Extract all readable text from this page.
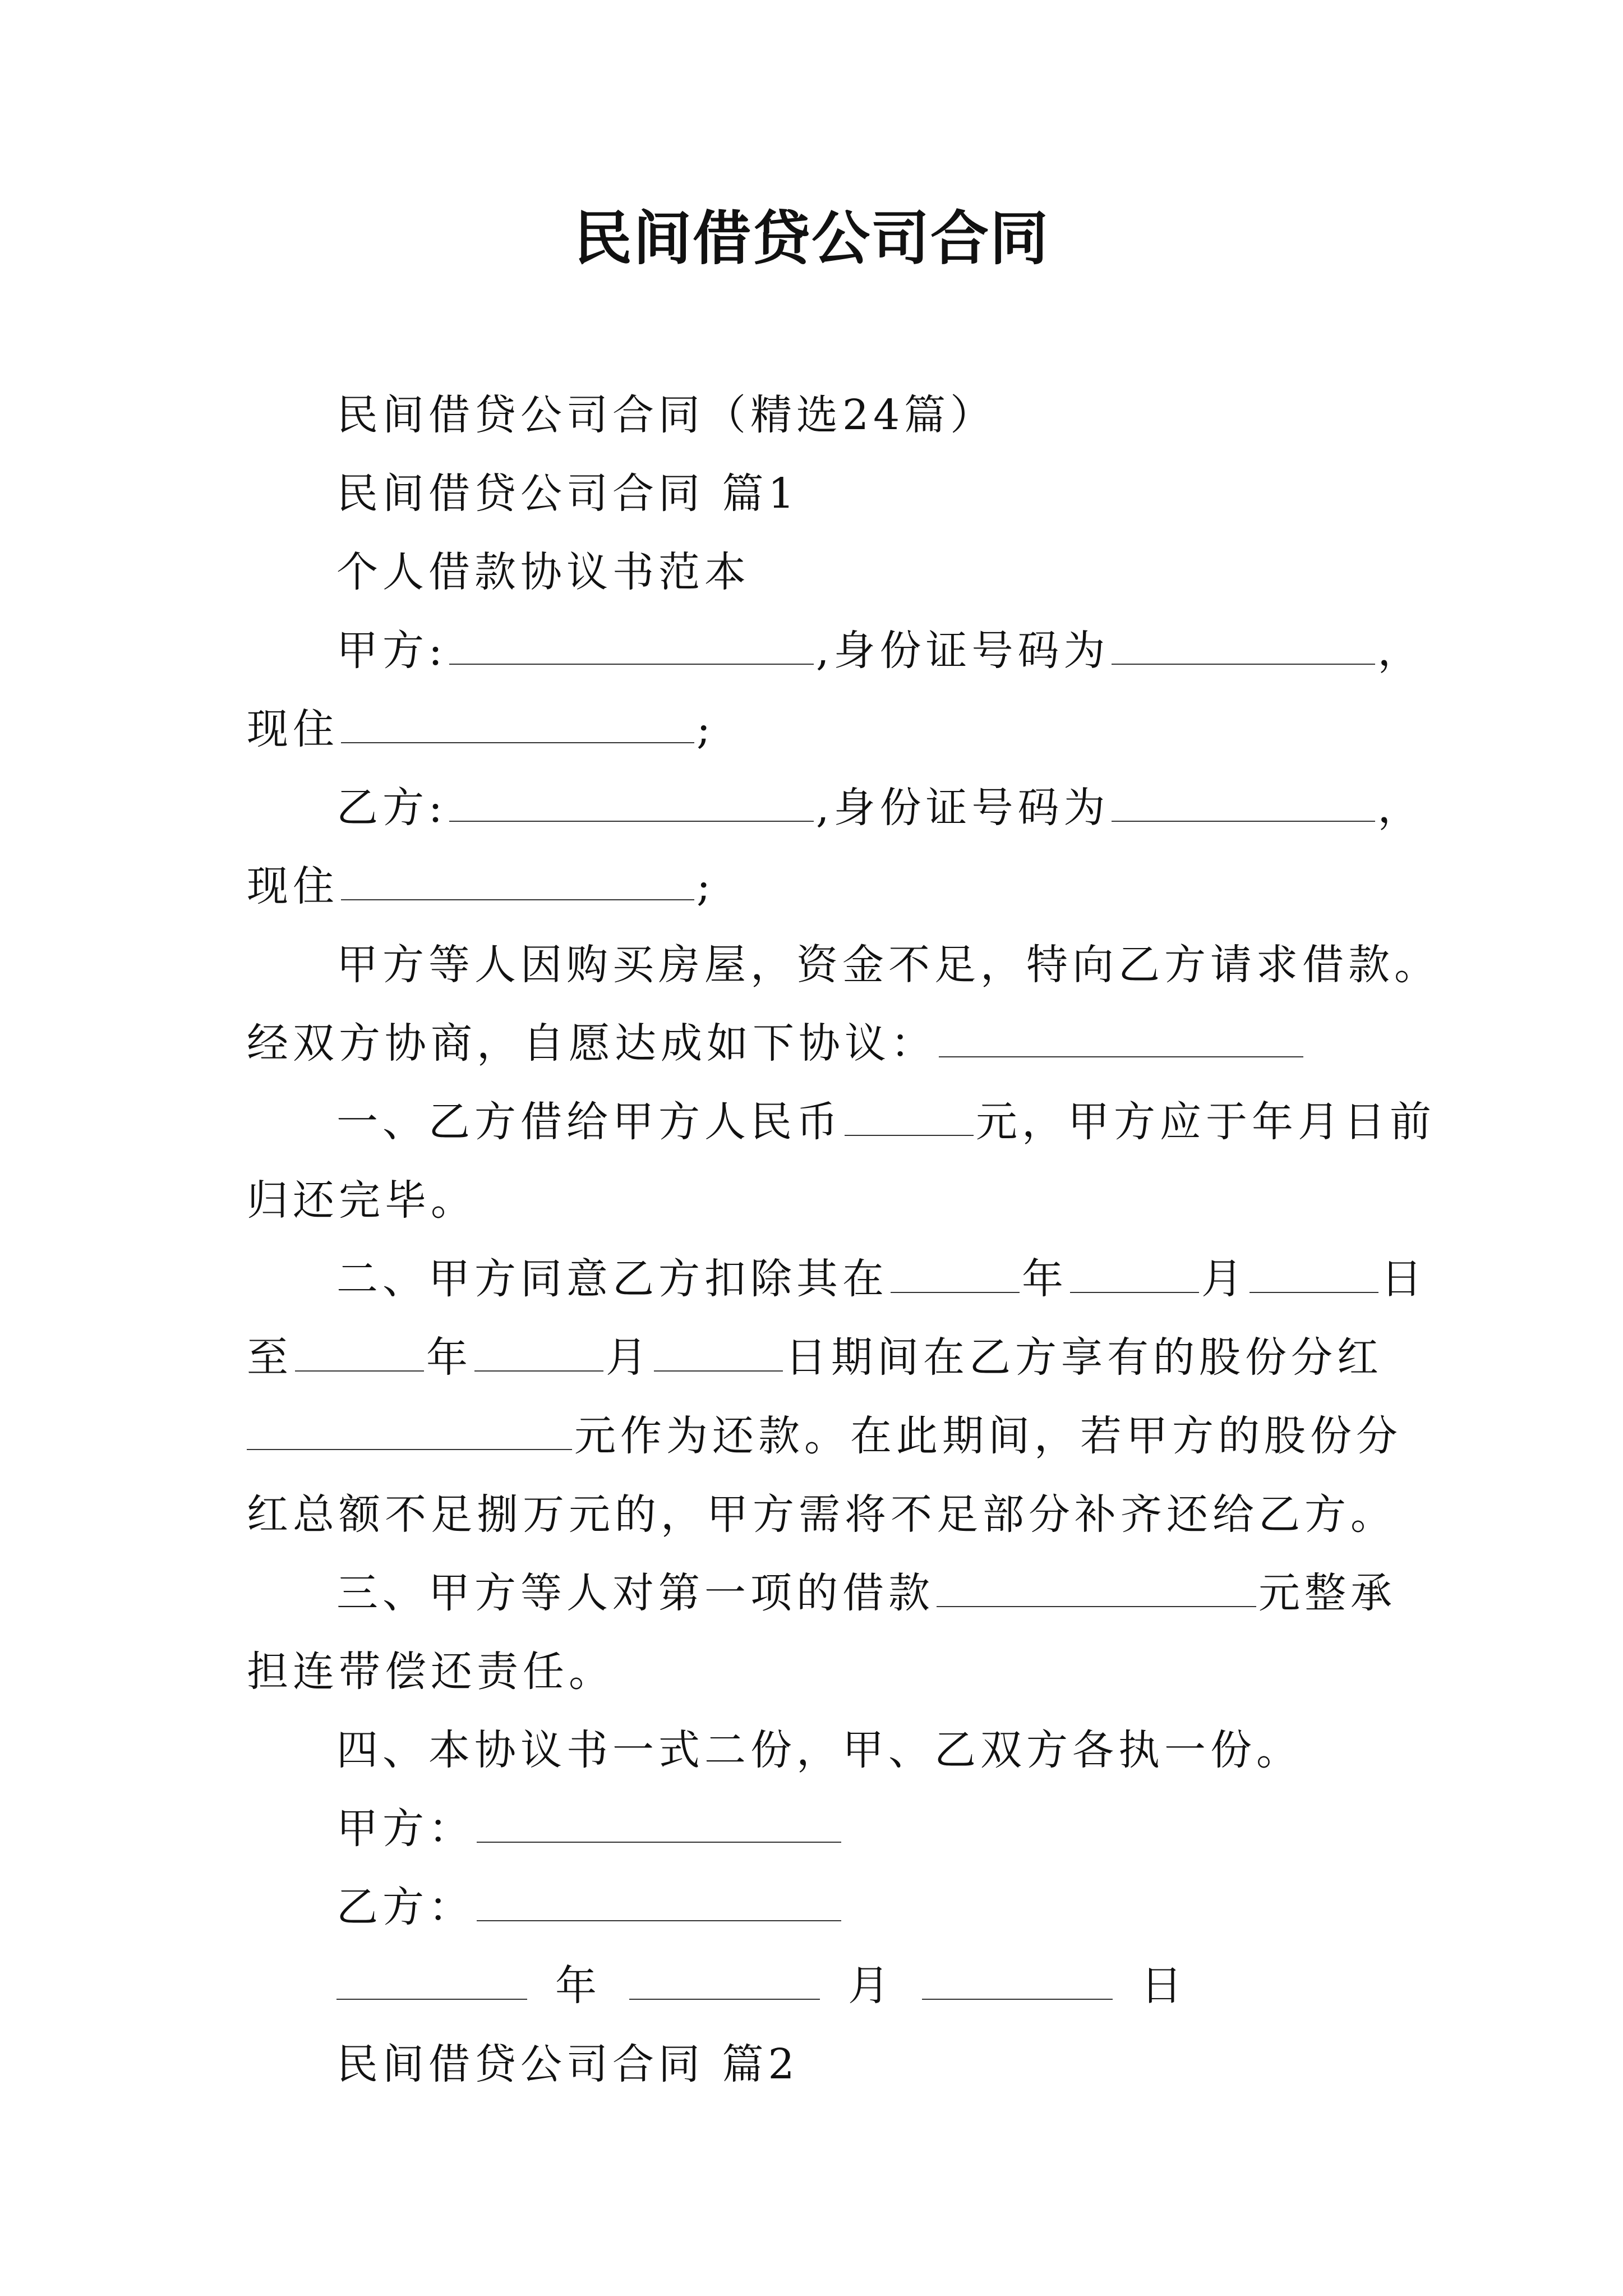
民间借贷公司合同
民间借贷公司合同（精选24篇）
民间借贷公司合同 篇1
个人借款协议书范本
甲方:	,身份证号码为	，
现住	;
乙方:	,身份证号码为	，
现住	;
甲方等人因购买房屋，资金不足，特向乙方请求借款。
经双方协商，自愿达成如下协议：
一、乙方借给甲方人民币	元，甲方应于年月日前
归还完毕。
二、甲方同意乙方扣除其在	年	月	日
至	年	月	日期间在乙方享有的股份分红
元作为还款。在此期间，若甲方的股份分
红总额不足捌万元的，甲方需将不足部分补齐还给乙方。
三、甲方等人对第一项的借款	元整承
担连带偿还责任。
四、本协议书一式二份，甲、乙双方各执一份。
甲方：
乙方：
年	月	日
民间借贷公司合同 篇2
